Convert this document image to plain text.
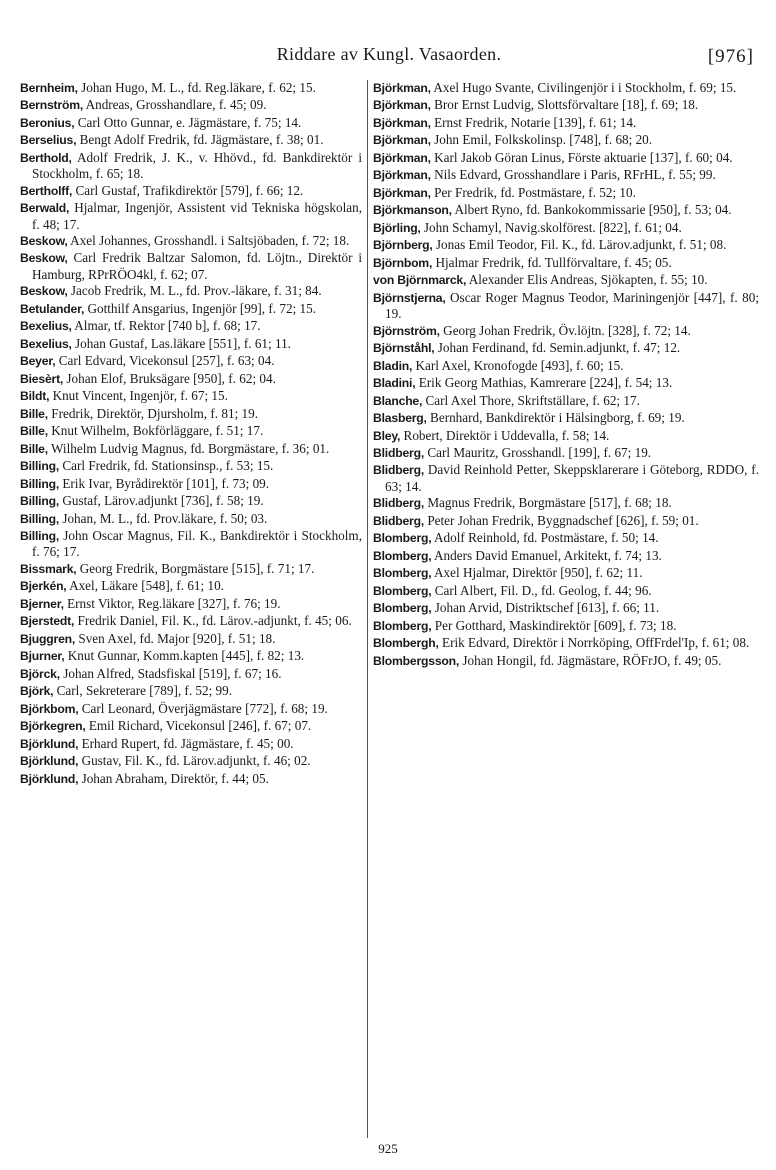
Riddare av Kungl. Vasaorden.	[976]
Bernheim, Johan Hugo, M. L., fd. Reg.läkare, f. 62; 15.
Bernström, Andreas, Grosshandlare, f. 45; 09.
Beronius, Carl Otto Gunnar, e. Jägmästare, f. 75; 14.
Berselius, Bengt Adolf Fredrik, fd. Jägmästare, f. 38; 01.
Berthold, Adolf Fredrik, J. K., v. Hhövd., fd. Bankdirektör i Stockholm, f. 65; 18.
Bertholff, Carl Gustaf, Trafikdirektör [579], f. 66; 12.
Berwald, Hjalmar, Ingenjör, Assistent vid Tekniska högskolan, f. 48; 17.
Beskow, Axel Johannes, Grosshandl. i Saltsjöbaden, f. 72; 18.
Beskow, Carl Fredrik Baltzar Salomon, fd. Löjtn., Direktör i Hamburg, RPrRÖO4kl, f. 62; 07.
Beskow, Jacob Fredrik, M. L., fd. Prov.-läkare, f. 31; 84.
Betulander, Gotthilf Ansgarius, Ingenjör [99], f. 72; 15.
Bexelius, Almar, tf. Rektor [740 b], f. 68; 17.
Bexelius, Johan Gustaf, Las.läkare [551], f. 61; 11.
Beyer, Carl Edvard, Vicekonsul [257], f. 63; 04.
Biesèrt, Johan Elof, Bruksägare [950], f. 62; 04.
Bildt, Knut Vincent, Ingenjör, f. 67; 15.
Bille, Fredrik, Direktör, Djursholm, f. 81; 19.
Bille, Knut Wilhelm, Bokförläggare, f. 51; 17.
Bille, Wilhelm Ludvig Magnus, fd. Borgmästare, f. 36; 01.
Billing, Carl Fredrik, fd. Stationsinsp., f. 53; 15.
Billing, Erik Ivar, Byrådirektör [101], f. 73; 09.
Billing, Gustaf, Lärov.adjunkt [736], f. 58; 19.
Billing, Johan, M. L., fd. Prov.läkare, f. 50; 03.
Billing, John Oscar Magnus, Fil. K., Bankdirektör i Stockholm, f. 76; 17.
Bissmark, Georg Fredrik, Borgmästare [515], f. 71; 17.
Bjerkén, Axel, Läkare [548], f. 61; 10.
Bjerner, Ernst Viktor, Reg.läkare [327], f. 76; 19.
Bjerstedt, Fredrik Daniel, Fil. K., fd. Lärov.-adjunkt, f. 45; 06.
Bjuggren, Sven Axel, fd. Major [920], f. 51; 18.
Bjurner, Knut Gunnar, Komm.kapten [445], f. 82; 13.
Björck, Johan Alfred, Stadsfiskal [519], f. 67; 16.
Björk, Carl, Sekreterare [789], f. 52; 99.
Björkbom, Carl Leonard, Överjägmästare [772], f. 68; 19.
Björkegren, Emil Richard, Vicekonsul [246], f. 67; 07.
Björklund, Erhard Rupert, fd. Jägmästare, f. 45; 00.
Björklund, Gustav, Fil. K., fd. Lärov.adjunkt, f. 46; 02.
Björklund, Johan Abraham, Direktör, f. 44; 05.
Björkman, Axel Hugo Svante, Civilingenjör i i Stockholm, f. 69; 15.
Björkman, Bror Ernst Ludvig, Slottsförvaltare [18], f. 69; 18.
Björkman, Ernst Fredrik, Notarie [139], f. 61; 14.
Björkman, John Emil, Folkskolinsp. [748], f. 68; 20.
Björkman, Karl Jakob Göran Linus, Förste aktuarie [137], f. 60; 04.
Björkman, Nils Edvard, Grosshandlare i Paris, RFrHL, f. 55; 99.
Björkman, Per Fredrik, fd. Postmästare, f. 52; 10.
Björkmanson, Albert Ryno, fd. Bankokommissarie [950], f. 53; 04.
Björling, John Schamyl, Navig.skolförest. [822], f. 61; 04.
Björnberg, Jonas Emil Teodor, Fil. K., fd. Lärov.adjunkt, f. 51; 08.
Björnbom, Hjalmar Fredrik, fd. Tullförvaltare, f. 45; 05.
von Björnmarck, Alexander Elis Andreas, Sjökapten, f. 55; 10.
Björnstjerna, Oscar Roger Magnus Teodor, Mariningenjör [447], f. 80; 19.
Björnström, Georg Johan Fredrik, Öv.löjtn. [328], f. 72; 14.
Björnståhl, Johan Ferdinand, fd. Semin.adjunkt, f. 47; 12.
Bladin, Karl Axel, Kronofogde [493], f. 60; 15.
Bladini, Erik Georg Mathias, Kamrerare [224], f. 54; 13.
Blanche, Carl Axel Thore, Skriftställare, f. 62; 17.
Blasberg, Bernhard, Bankdirektör i Hälsingborg, f. 69; 19.
Bley, Robert, Direktör i Uddevalla, f. 58; 14.
Blidberg, Carl Mauritz, Grosshandl. [199], f. 67; 19.
Blidberg, David Reinhold Petter, Skeppsklarerare i Göteborg, RDDO, f. 63; 14.
Blidberg, Magnus Fredrik, Borgmästare [517], f. 68; 18.
Blidberg, Peter Johan Fredrik, Byggnadschef [626], f. 59; 01.
Blomberg, Adolf Reinhold, fd. Postmästare, f. 50; 14.
Blomberg, Anders David Emanuel, Arkitekt, f. 74; 13.
Blomberg, Axel Hjalmar, Direktör [950], f. 62; 11.
Blomberg, Carl Albert, Fil. D., fd. Geolog, f. 44; 96.
Blomberg, Johan Arvid, Distriktschef [613], f. 66; 11.
Blomberg, Per Gotthard, Maskindirektör [609], f. 73; 18.
Blombergh, Erik Edvard, Direktör i Norrköping, OffFrdel'Ip, f. 61; 08.
Blombergsson, Johan Hongil, fd. Jägmästare, RÖFrJO, f. 49; 05.
925
